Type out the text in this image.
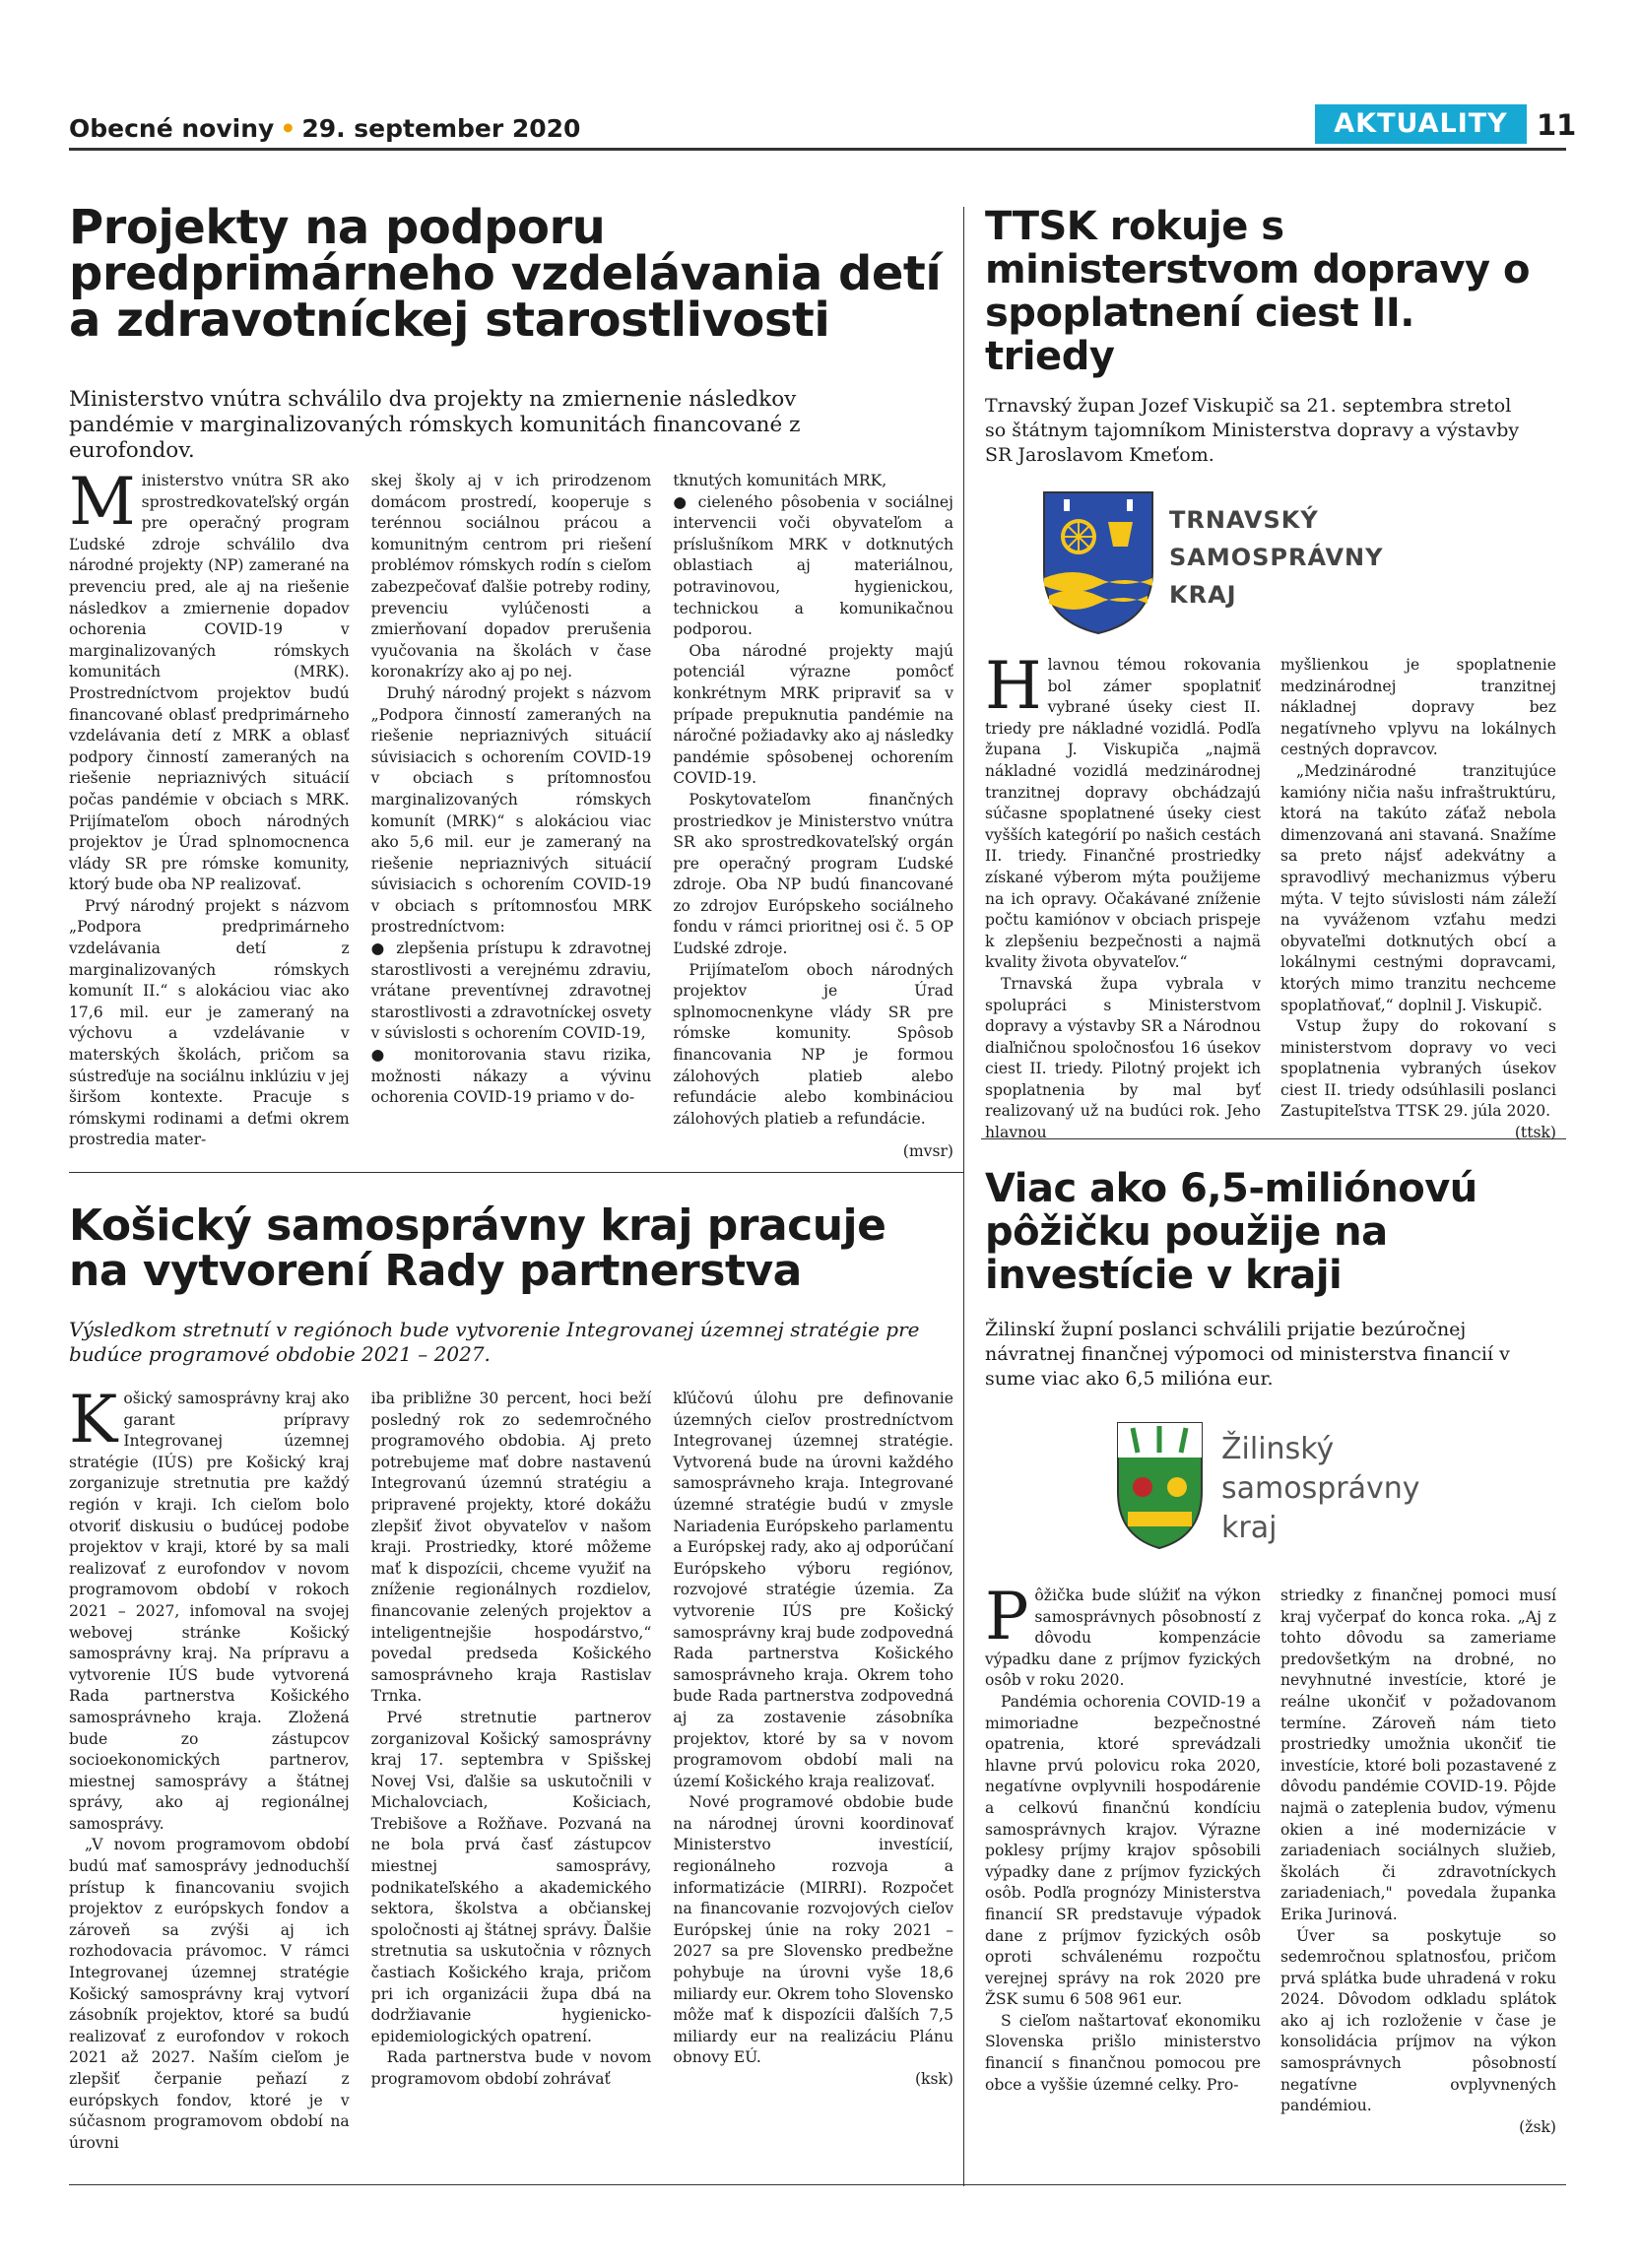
Obecné noviny • 29. september 2020	AKTUALITY	11
Projekty na podporu predprimárneho vzdelávania detí a zdravotníckej starostlivosti
Ministerstvo vnútra schválilo dva projekty na zmiernenie následkov pandémie v marginalizovaných rómskych komunitách financované z eurofondov.

Ministerstvo vnútra SR ako sprostredkovateľský orgán pre operačný program Ľudské zdroje schválilo dva národné projekty (NP) zamerané na prevenciu pred, ale aj na riešenie následkov a zmiernenie dopadov ochorenia COVID-19 v marginalizovaných rómskych komunitách (MRK). Prostredníctvom projektov budú financované oblasť predprimárneho vzdelávania detí z MRK a oblasť podpory činností zameraných na riešenie nepriaznivých situácií počas pandémie v obciach s MRK. Prijímateľom oboch národných projektov je Úrad splnomocnenca vlády SR pre rómske komunity, ktorý bude oba NP realizovať.

Prvý národný projekt s názvom „Podpora predprimárneho vzdelávania detí z marginalizovaných rómskych komunít II.“ s alokáciou viac ako 17,6 mil. eur je zameraný na výchovu a vzdelávanie v materských školách, pričom sa sústreďuje na sociálnu inklúziu v jej širšom kontexte. Pracuje s rómskymi rodinami a deťmi okrem prostredia mater-

skej školy aj v ich prirodzenom domácom prostredí, kooperuje s terénnou sociálnou prácou a komunitným centrom pri riešení problémov rómskych rodín s cieľom zabezpečovať ďalšie potreby rodiny, prevenciu vylúčenosti a zmierňovaní dopadov prerušenia vyučovania na školách v čase koronakrízy ako aj po nej.

Druhý národný projekt s názvom „Podpora činností zameraných na riešenie nepriaznivých situácií súvisiacich s ochorením COVID-19 v obciach s prítomnosťou marginalizovaných rómskych komunít (MRK)“ s alokáciou viac ako 5,6 mil. eur je zameraný na riešenie nepriaznivých situácií súvisiacich s ochorením COVID-19 v obciach s prítomnosťou MRK prostredníctvom:

● zlepšenia prístupu k zdravotnej starostlivosti a verejnému zdraviu, vrátane preventívnej zdravotnej starostlivosti a zdravotníckej osvety v súvislosti s ochorením COVID-19,

● monitorovania stavu rizika, možnosti nákazy a vývinu ochorenia COVID-19 priamo v do-

tknutých komunitách MRK,

● cieleného pôsobenia v sociálnej intervencii voči obyvateľom a príslušníkom MRK v dotknutých oblastiach aj materiálnou, potravinovou, hygienickou, technickou a komunikačnou podporou.

Oba národné projekty majú potenciál výrazne pomôcť konkrétnym MRK pripraviť sa v prípade prepuknutia pandémie na náročné požiadavky ako aj následky pandémie spôsobenej ochorením COVID-19.

Poskytovateľom finančných prostriedkov je Ministerstvo vnútra SR ako sprostredkovateľský orgán pre operačný program Ľudské zdroje. Oba NP budú financované zo zdrojov Európskeho sociálneho fondu v rámci prioritnej osi č. 5 OP Ľudské zdroje.

Prijímateľom oboch národných projektov je Úrad splnomocnenkyne vlády SR pre rómske komunity. Spôsob financovania NP je formou zálohových platieb alebo refundácie alebo kombináciou zálohových platieb a refundácie.

(mvsr)

TTSK rokuje s ministerstvom dopravy o spoplatnení ciest II. triedy
Trnavský župan Jozef Viskupič sa 21. septembra stretol so štátnym tajomníkom Ministerstva dopravy a výstavby SR Jaroslavom Kmeťom.
TRNAVSKÝ
SAMOSPRÁVNY
KRAJ

Hlavnou témou rokovania bol zámer spoplatniť vybrané úseky ciest II. triedy pre nákladné vozidlá. Podľa župana J. Viskupiča „najmä nákladné vozidlá medzinárodnej tranzitnej dopravy obchádzajú súčasne spoplatnené úseky ciest vyšších kategórií po našich cestách II. triedy. Finančné prostriedky získané výberom mýta použijeme na ich opravy. Očakávané zníženie počtu kamiónov v obciach prispeje k zlepšeniu bezpečnosti a najmä kvality života obyvateľov.“

Trnavská župa vybrala v spolupráci s Ministerstvom dopravy a výstavby SR a Národnou diaľničnou spoločnosťou 16 úsekov ciest II. triedy. Pilotný projekt ich spoplatnenia by mal byť realizovaný už na budúci rok. Jeho hlavnou

myšlienkou je spoplatnenie medzinárodnej tranzitnej nákladnej dopravy bez negatívneho vplyvu na lokálnych cestných dopravcov.

„Medzinárodné tranzitujúce kamióny ničia našu infraštruktúru, ktorá na takúto záťaž nebola dimenzovaná ani stavaná. Snažíme sa preto nájsť adekvátny a spravodlivý mechanizmus výberu mýta. V tejto súvislosti nám záleží na vyváženom vzťahu medzi obyvateľmi dotknutých obcí a lokálnymi cestnými dopravcami, ktorých mimo tranzitu nechceme spoplatňovať,“ doplnil J. Viskupič.

Vstup župy do rokovaní s ministerstvom dopravy vo veci spoplatnenia vybraných úsekov ciest II. triedy odsúhlasili poslanci Zastupiteľstva TTSK 29. júla 2020.

(ttsk)

Košický samosprávny kraj pracuje na vytvorení Rady partnerstva
Výsledkom stretnutí v regiónoch bude vytvorenie Integrovanej územnej stratégie pre budúce programové obdobie 2021 – 2027.

Košický samosprávny kraj ako garant prípravy Integrovanej územnej stratégie (IÚS) pre Košický kraj zorganizuje stretnutia pre každý región v kraji. Ich cieľom bolo otvoriť diskusiu o budúcej podobe projektov v kraji, ktoré by sa mali realizovať z eurofondov v novom programovom období v rokoch 2021 – 2027, infomoval na svojej webovej stránke Košický samosprávny kraj. Na prípravu a vytvorenie IÚS bude vytvorená Rada partnerstva Košického samosprávneho kraja. Zložená bude zo zástupcov socioekonomických partnerov, miestnej samosprávy a štátnej správy, ako aj regionálnej samosprávy.

„V novom programovom období budú mať samosprávy jednoduchší prístup k financovaniu svojich projektov z európskych fondov a zároveň sa zvýši aj ich rozhodovacia právomoc. V rámci Integrovanej územnej stratégie Košický samosprávny kraj vytvorí zásobník projektov, ktoré sa budú realizovať z eurofondov v rokoch 2021 až 2027. Naším cieľom je zlepšiť čerpanie peňazí z európskych fondov, ktoré je v súčasnom programovom období na úrovni

iba približne 30 percent, hoci beží posledný rok zo sedemročného programového obdobia. Aj preto potrebujeme mať dobre nastavenú Integrovanú územnú stratégiu a pripravené projekty, ktoré dokážu zlepšiť život obyvateľov v našom kraji. Prostriedky, ktoré môžeme mať k dispozícii, chceme využiť na zníženie regionálnych rozdielov, financovanie zelených projektov a inteligentnejšie hospodárstvo,“ povedal predseda Košického samosprávneho kraja Rastislav Trnka.

Prvé stretnutie partnerov zorganizoval Košický samosprávny kraj 17. septembra v Spišskej Novej Vsi, ďalšie sa uskutočnili v Michalovciach, Košiciach, Trebišove a Rožňave. Pozvaná na ne bola prvá časť zástupcov miestnej samosprávy, podnikateľského a akademického sektora, školstva a občianskej spoločnosti aj štátnej správy. Ďalšie stretnutia sa uskutočnia v rôznych častiach Košického kraja, pričom pri ich organizácii župa dbá na dodržiavanie hygienicko-epidemiologických opatrení.

Rada partnerstva bude v novom programovom období zohrávať

kľúčovú úlohu pre definovanie územných cieľov prostredníctvom Integrovanej územnej stratégie. Vytvorená bude na úrovni každého samosprávneho kraja. Integrované územné stratégie budú v zmysle Nariadenia Európskeho parlamentu a Európskej rady, ako aj odporúčaní Európskeho výboru regiónov, rozvojové stratégie územia. Za vytvorenie IÚS pre Košický samosprávny kraj bude zodpovedná Rada partnerstva Košického samosprávneho kraja. Okrem toho bude Rada partnerstva zodpovedná aj za zostavenie zásobníka projektov, ktoré by sa v novom programovom období mali na území Košického kraja realizovať.

Nové programové obdobie bude na národnej úrovni koordinovať Ministerstvo investícií, regionálneho rozvoja a informatizácie (MIRRI). Rozpočet na financovanie rozvojových cieľov Európskej únie na roky 2021 – 2027 sa pre Slovensko predbežne pohybuje na úrovni vyše 18,6 miliardy eur. Okrem toho Slovensko môže mať k dispozícii ďalších 7,5 miliardy eur na realizáciu Plánu obnovy EÚ.

(ksk)

Viac ako 6,5-miliónovú pôžičku použije na investície v kraji
Žilinskí župní poslanci schválili prijatie bezúročnej návratnej finančnej výpomoci od ministerstva financií v sume viac ako 6,5 milióna eur.
Žilinský
samosprávny
kraj

Pôžička bude slúžiť na výkon samosprávnych pôsobností z dôvodu kompenzácie výpadku dane z príjmov fyzických osôb v roku 2020.

Pandémia ochorenia COVID-19 a mimoriadne bezpečnostné opatrenia, ktoré sprevádzali hlavne prvú polovicu roka 2020, negatívne ovplyvnili hospodárenie a celkovú finančnú kondíciu samosprávnych krajov. Výrazne poklesy príjmy krajov spôsobili výpadky dane z príjmov fyzických osôb. Podľa prognózy Ministerstva financií SR predstavuje výpadok dane z príjmov fyzických osôb oproti schválenému rozpočtu verejnej správy na rok 2020 pre ŽSK sumu 6 508 961 eur.

S cieľom naštartovať ekonomiku Slovenska prišlo ministerstvo financií s finančnou pomocou pre obce a vyššie územné celky. Pro-

striedky z finančnej pomoci musí kraj vyčerpať do konca roka. „Aj z tohto dôvodu sa zameriame predovšetkým na drobné, no nevyhnutné investície, ktoré je reálne ukončiť v požadovanom termíne. Zároveň nám tieto prostriedky umožnia ukončiť tie investície, ktoré boli pozastavené z dôvodu pandémie COVID-19. Pôjde najmä o zateplenia budov, výmenu okien a iné modernizácie v zariadeniach sociálnych služieb, školách či zdravotníckych zariadeniach," povedala županka Erika Jurinová.

Úver sa poskytuje so sedemročnou splatnosťou, pričom prvá splátka bude uhradená v roku 2024. Dôvodom odkladu splátok ako aj ich rozloženie v čase je konsolidácia príjmov na výkon samosprávnych pôsobností negatívne ovplyvnených pandémiou.

(žsk)
